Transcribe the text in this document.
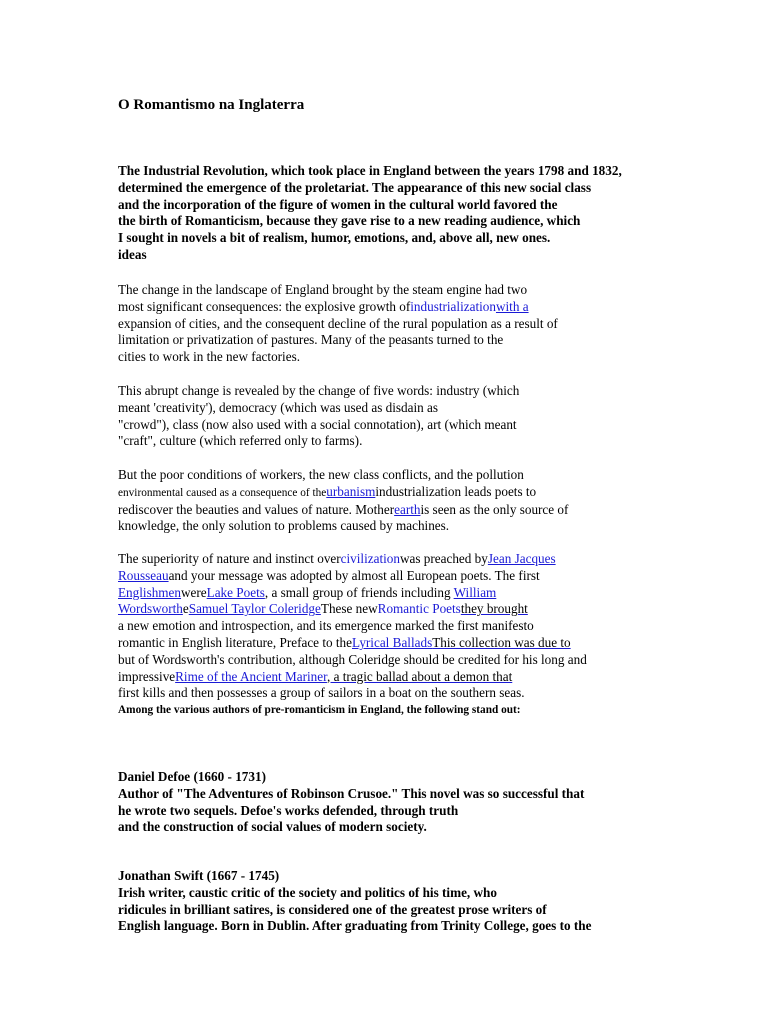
O Romantismo na Inglaterra
The Industrial Revolution, which took place in England between the years 1798 and 1832,
determined the emergence of the proletariat. The appearance of this new social class
and the incorporation of the figure of women in the cultural world favored the
the birth of Romanticism, because they gave rise to a new reading audience, which
I sought in novels a bit of realism, humor, emotions, and, above all, new ones.
ideas
The change in the landscape of England brought by the steam engine had two
most significant consequences: the explosive growth ofindustrializationwith a
expansion of cities, and the consequent decline of the rural population as a result of
limitation or privatization of pastures. Many of the peasants turned to the
cities to work in the new factories.
This abrupt change is revealed by the change of five words: industry (which
meant 'creativity'), democracy (which was used as disdain as
"crowd"), class (now also used with a social connotation), art (which meant
"craft", culture (which referred only to farms).
But the poor conditions of workers, the new class conflicts, and the pollution
environmental caused as a consequence of theurbanismindustrialization leads poets to
rediscover the beauties and values of nature. Motherearthis seen as the only source of
knowledge, the only solution to problems caused by machines.
The superiority of nature and instinct overcivilizationwas preached byJean Jacques
Rousseauand your message was adopted by almost all European poets. The first
EnglishmenwereLake Poets, a small group of friends including William
WordswortheSamuel Taylor ColeridgeThese newRomantic Poetsthey brought
a new emotion and introspection, and its emergence marked the first manifesto
romantic in English literature, Preface to theLyrical BalladsThis collection was due to
but of Wordsworth's contribution, although Coleridge should be credited for his long and
impressiveRime of the Ancient Mariner, a tragic ballad about a demon that
first kills and then possesses a group of sailors in a boat on the southern seas.
Among the various authors of pre-romanticism in England, the following stand out:
Daniel Defoe (1660 - 1731)
Author of "The Adventures of Robinson Crusoe." This novel was so successful that
he wrote two sequels. Defoe's works defended, through truth
and the construction of social values of modern society.
Jonathan Swift (1667 - 1745)
Irish writer, caustic critic of the society and politics of his time, who
ridicules in brilliant satires, is considered one of the greatest prose writers of
English language. Born in Dublin. After graduating from Trinity College, goes to the
